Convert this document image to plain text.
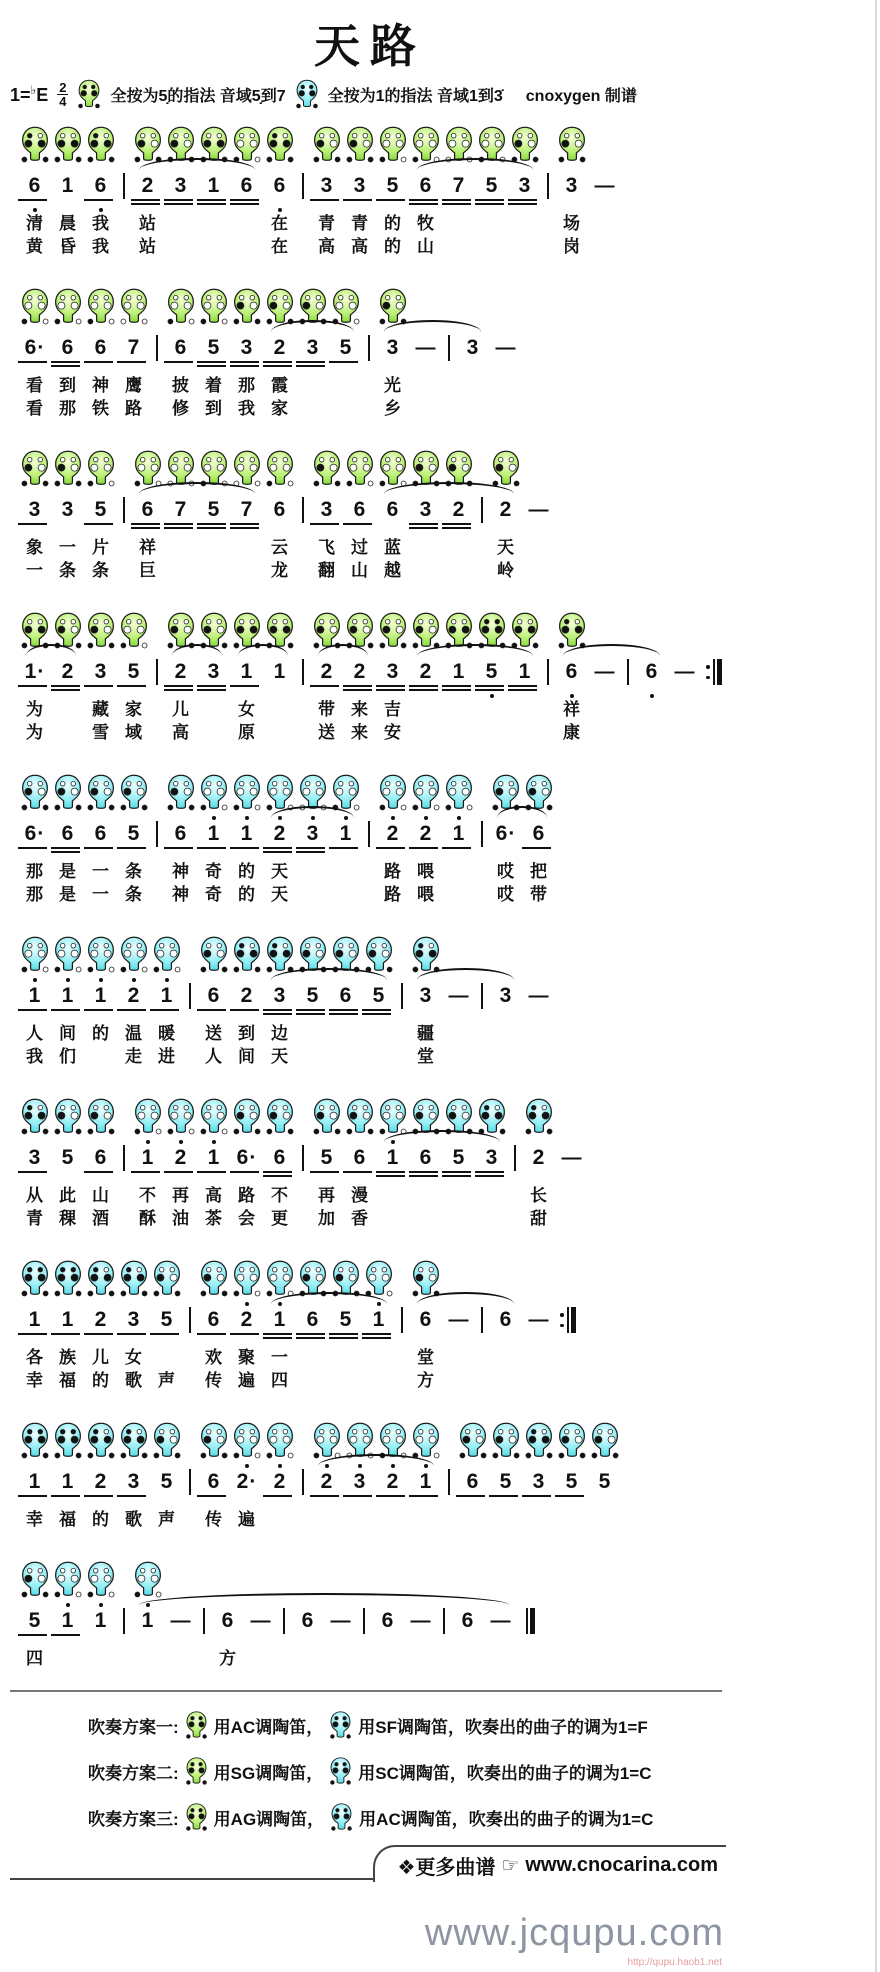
天路
$1=^♭E \frac{2}{4}$	全按为5̣的指法 音域5̣到7	全按为1的指法 音域1到3̇ cnoxygen 制谱
6
清
黄
1
晨
昏
6
我
我
2
站
站
3 1 6 6
在
在
3
青
高
3
青
高
5
的
的
6
牧
山
7 5 3 3
场
岗
—
6 ·
看
看
6
到
那
6
神
铁
7
鹰
路
6
披
修
5
着
到
3
那
我
2
霞
家
3 5 3
光
乡
— 3 —
3
象
一
3
一
条
5
片
条
6
祥
巨
7 5 7 6
云
龙
3
飞
翻
6
过
山
6
蓝
越
3 2 2
天
岭
—
1 ·
为
为
2 3
藏
雪
5
家
域
2
儿
高
3 1
女
原
1 2
带
送
2
来
来
3
吉
安
2 1 5 1 6
祥
康
— 6 —
6 ·
那
那
6
是
是
6
一
一
5
条
条
6
神
神
1
奇
奇
1
的
的
2
天
天
3 1 2
路
路
2
喂
喂
1 6 ·
哎
哎
6
把
带
1
人
我
1
间
们
1
的
2
温
走
1
暖
进
6
送
人
2
到
间
3
边
天
5 6 5 3
疆
堂
— 3 —
3
从
青
5
此
稞
6
山
酒
1
不
酥
2
再
油
1
高
茶
6 ·
路
会
6
不
更
5
再
加
6
漫
香
1 6 5 3 2
长
甜
—
1
各
幸
1
族
福
2
儿
的
3
女
歌
5
声
6
欢
传
2
聚
遍
1
一
四
6 5 1 6
堂
方
— 6 —
1
幸
1
福
2
的
3
歌
5
声
6
传
2 ·
遍
2 2 3 2 1 6 5 3 5 5
5
四
1 1 1 — 6
方
— 6 — 6 — 6 —
吹奏方案一: 用AC调陶笛， 用SF调陶笛，吹奏出的曲子的调为1=F
吹奏方案二: 用SG调陶笛， 用SC调陶笛，吹奏出的曲子的调为1=C
吹奏方案三: 用AG调陶笛， 用AC调陶笛，吹奏出的曲子的调为1=C
❖更多曲谱 ☞ www.cnocarina.com
www.jcqupu.com
http://qupu.haob1.net
